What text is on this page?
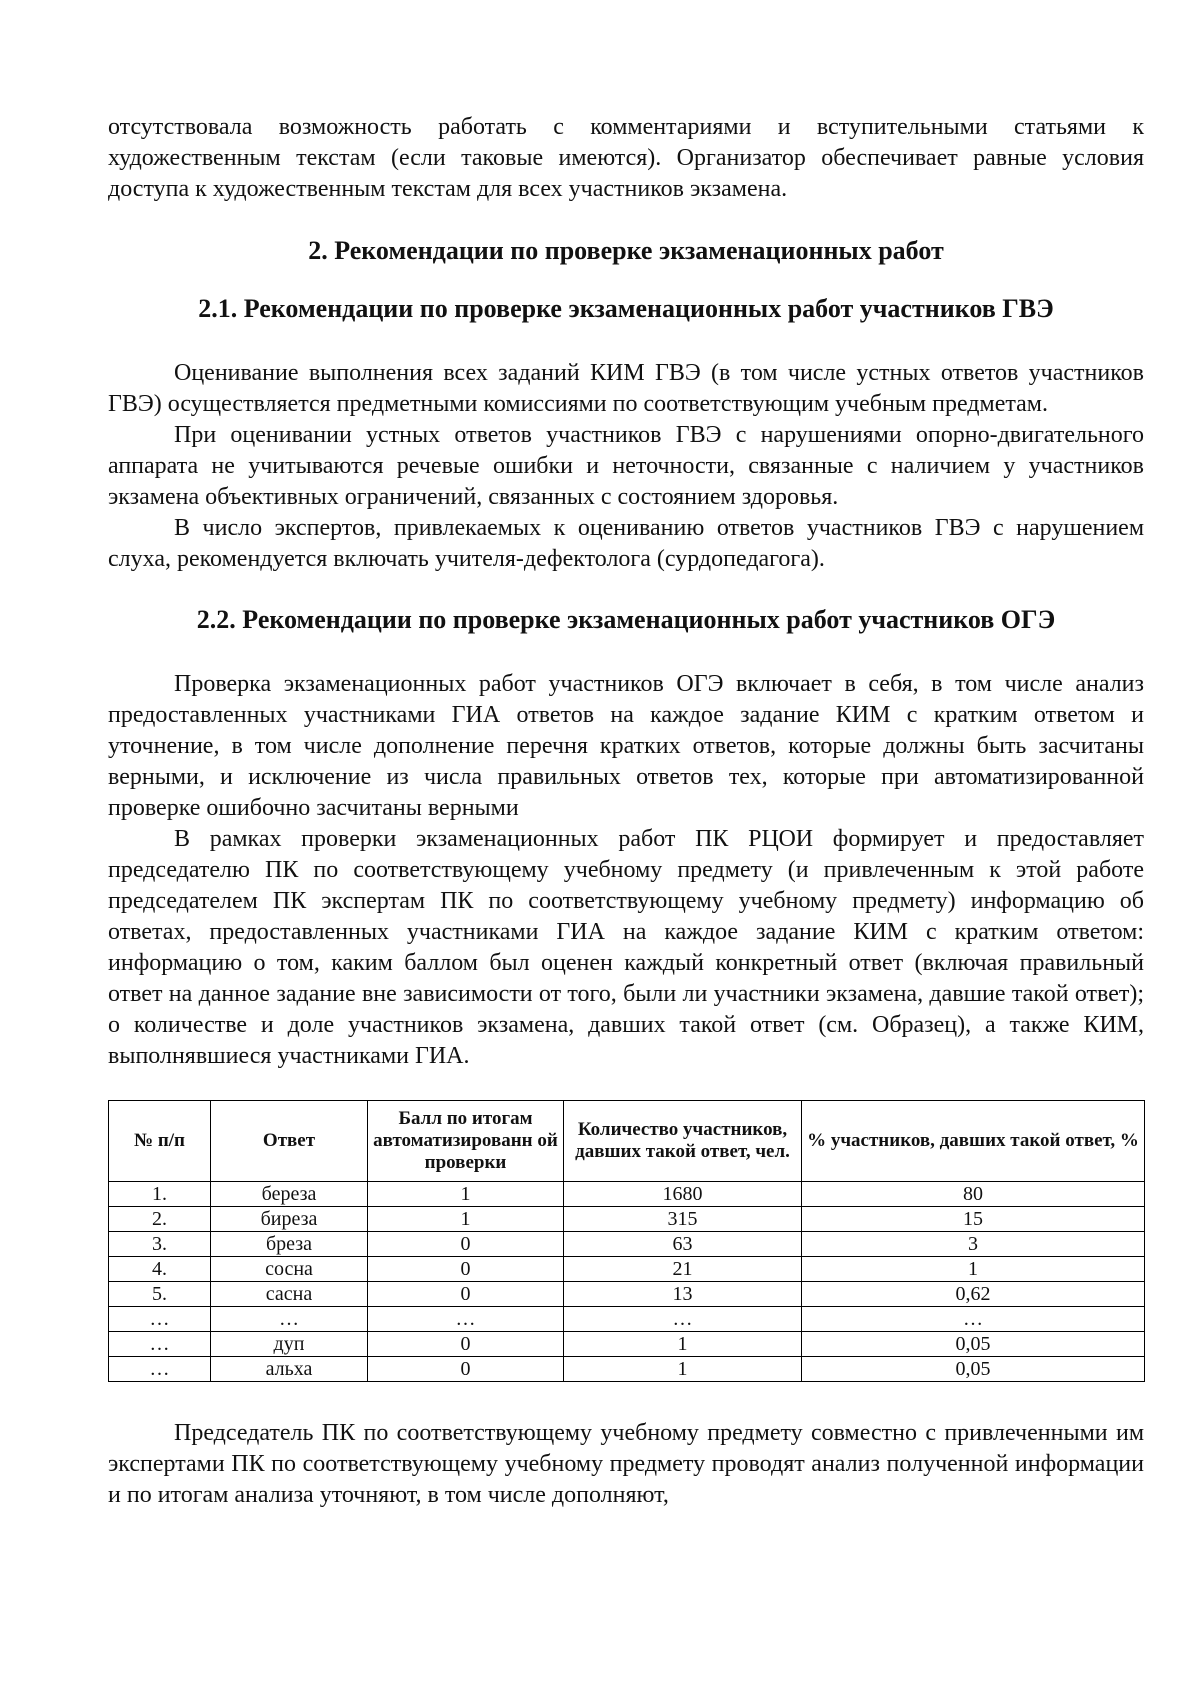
отсутствовала возможность работать с комментариями и вступительными статьями к художественным текстам (если таковые имеются). Организатор обеспечивает равные условия доступа к художественным текстам для всех участников экзамена.

2. Рекомендации по проверке экзаменационных работ
2.1. Рекомендации по проверке экзаменационных работ участников ГВЭ

Оценивание выполнения всех заданий КИМ ГВЭ (в том числе устных ответов участников ГВЭ) осуществляется предметными комиссиями по соответствующим учебным предметам.

При оценивании устных ответов участников ГВЭ с нарушениями опорно-двигательного аппарата не учитываются речевые ошибки и неточности, связанные с наличием у участников экзамена объективных ограничений, связанных с состоянием здоровья.

В число экспертов, привлекаемых к оцениванию ответов участников ГВЭ с нарушением слуха, рекомендуется включать учителя-дефектолога (сурдопедагога).

2.2. Рекомендации по проверке экзаменационных работ участников ОГЭ

Проверка экзаменационных работ участников ОГЭ включает в себя, в том числе анализ предоставленных участниками ГИА ответов на каждое задание КИМ с кратким ответом и уточнение, в том числе дополнение перечня кратких ответов, которые должны быть засчитаны верными, и исключение из числа правильных ответов тех, которые при автоматизированной проверке ошибочно засчитаны верными

В рамках проверки экзаменационных работ ПК РЦОИ формирует и предоставляет председателю ПК по соответствующему учебному предмету (и привлеченным к этой работе председателем ПК экспертам ПК по соответствующему учебному предмету) информацию об ответах, предоставленных участниками ГИА на каждое задание КИМ с кратким ответом: информацию о том, каким баллом был оценен каждый конкретный ответ (включая правильный ответ на данное задание вне зависимости от того, были ли участники экзамена, давшие такой ответ); о количестве и доле участников экзамена, давших такой ответ (см. Образец), а также КИМ, выполнявшиеся участниками ГИА.

№ п/п	Ответ	Балл по итогам автоматизированн ой проверки	Количество участников, давших такой ответ, чел.	% участников, давших такой ответ, %
1.	береза	1	1680	80
2.	биреза	1	315	15
3.	бреза	0	63	3
4.	сосна	0	21	1
5.	сасна	0	13	0,62
…	…	…	…	…
…	дуп	0	1	0,05
…	альха	0	1	0,05

Председатель ПК по соответствующему учебному предмету совместно с привлеченными им экспертами ПК по соответствующему учебному предмету проводят анализ полученной информации и по итогам анализа уточняют, в том числе дополняют,
